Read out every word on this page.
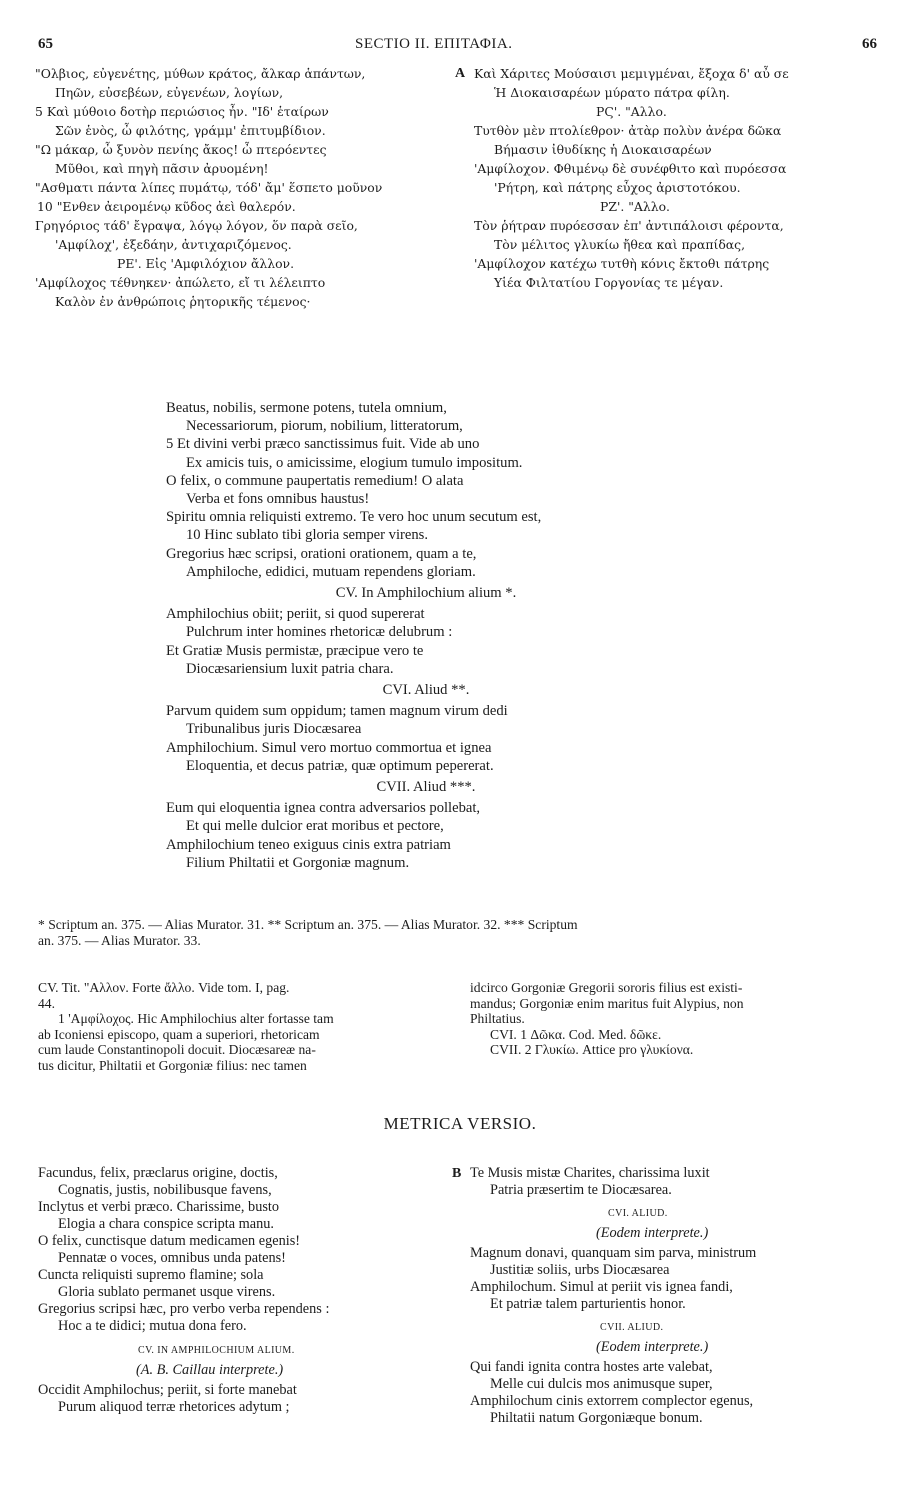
65	SECTIO II. EΠΙΤΑΦΙΑ.	66
"Ολβιος, εὐγενέτης, μύθων κράτος, ἄλκαρ ἁπάντων,
Πηῶν, εὐσεβέων, εὐγενέων, λογίων,
5 Καὶ μύθοιο δοτὴρ περιώσιος ἦν. "Ιδ' ἑταίρων
Σῶν ἑνὸς, ὦ φιλότης, γράμμ' ἐπιτυμβίδιον.
"Ω μάκαρ, ὦ ξυνὸν πενίης ἄκος! ὦ πτερόεντες
Μῦθοι, καὶ πηγὴ πᾶσιν ἀρυομένη!
"Ασθματι πάντα λίπες πυμάτῳ, τόδ' ἄμ' ἕσπετο μοῦνον
10 "Ενθεν ἀειρομένῳ κῦδος ἀεὶ θαλερόν.
Γρηγόριος τάδ' ἔγραψα, λόγῳ λόγον, ὅν παρὰ σεῖο,
'Αμφίλοχ', ἐξεδάην, ἀντιχαριζόμενος.
ΡΕ'. Εἰς 'Αμφιλόχιον ἄλλον.
'Αμφίλοχος τέθνηκεν· ἀπώλετο, εἴ τι λέλειπτο
Καλὸν ἐν ἀνθρώποις ῥητορικῆς τέμενος·
A Καὶ Χάριτες Μούσαισι μεμιγμέναι, ἔξοχα δ' αὖ σε
Ἡ Διοκαισαρέων μύρατο πάτρα φίλη.
ΡϚ'. "Αλλο.
Τυτθὸν μὲν πτολίεθρον· ἀτὰρ πολὺν ἀνέρα δῶκα
Βήμασιν ἰθυδίκης ἡ Διοκαισαρέων
'Αμφίλοχον. Φθιμένῳ δὲ συνέφθιτο καὶ πυρόεσσα
'Ρήτρη, καὶ πάτρης εὖχος ἀριστοτόκου.
ΡΖ'. "Αλλο.
Τὸν ῥήτραν πυρόεσσαν ἐπ' ἀντιπάλοισι φέροντα,
Τὸν μέλιτος γλυκίω ἤθεα καὶ πραπίδας,
'Αμφίλοχον κατέχω τυτθὴ κόνις ἔκτοθι πάτρης
Υἱέα Φιλτατίου Γοργονίας τε μέγαν.
Beatus, nobilis, sermone potens, tutela omnium,
Necessariorum, piorum, nobilium, litteratorum,
5 Et divini verbi præco sanctissimus fuit. Vide ab uno
Ex amicis tuis, o amicissime, elogium tumulo impositum.
O felix, o commune paupertatis remedium! O alata
Verba et fons omnibus haustus!
Spiritu omnia reliquisti extremo. Te vero hoc unum secutum est,
10 Hinc sublato tibi gloria semper virens.
Gregorius hæc scripsi, orationi orationem, quam a te,
Amphiloche, edidici, mutuam rependens gloriam.
CV. In Amphilochium alium *.
Amphilochius obiit; periit, si quod supererat
Pulchrum inter homines rhetoricæ delubrum :
Et Gratiæ Musis permistæ, præcipue vero te
Diocæsariensium luxit patria chara.
CVI. Aliud **.
Parvum quidem sum oppidum; tamen magnum virum dedi
Tribunalibus juris Diocæsarea
Amphilochium. Simul vero mortuo commortua et ignea
Eloquentia, et decus patriæ, quæ optimum pepererat.
CVII. Aliud ***.
Eum qui eloquentia ignea contra adversarios pollebat,
Et qui melle dulcior erat moribus et pectore,
Amphilochium teneo exiguus cinis extra patriam
Filium Philtatii et Gorgoniæ magnum.
* Scriptum an. 375. — Alias Murator. 31. ** Scriptum an. 375. — Alias Murator. 32. *** Scriptum
an. 375. — Alias Murator. 33.
CV. Tit. "Αλλον. Forte ἄλλο. Vide tom. I, pag.
44.
1 'Αμφίλοχος. Hic Amphilochius alter fortasse tam
ab Iconiensi episcopo, quam a superiori, rhetoricam
cum laude Constantinopoli docuit. Diocæsareæ na-
tus dicitur, Philtatii et Gorgoniæ filius: nec tamen
idcirco Gorgoniæ Gregorii sororis filius est existi-
mandus; Gorgoniæ enim maritus fuit Alypius, non
Philtatius.
CVI. 1 Δῶκα. Cod. Med. δῶκε.
CVII. 2 Γλυκίω. Attice pro γλυκίονα.
METRICA VERSIO.
Facundus, felix, præclarus origine, doctis,
Cognatis, justis, nobilibusque favens,
Inclytus et verbi præco. Charissime, busto
Elogia a chara conspice scripta manu.
O felix, cunctisque datum medicamen egenis!
Pennatæ o voces, omnibus unda patens!
Cuncta reliquisti supremo flamine; sola
Gloria sublato permanet usque virens.
Gregorius scripsi hæc, pro verbo verba rependens :
Hoc a te didici; mutua dona fero.
CV. IN AMPHILOCHIUM ALIUM.
(A. B. Caillau interprete.)
Occidit Amphilochus; periit, si forte manebat
Purum aliquod terræ rhetorices adytum ;
B Te Musis mistæ Charites, charissima luxit
Patria præsertim te Diocæsarea.
CVI. ALIUD.
(Eodem interprete.)
Magnum donavi, quanquam sim parva, ministrum
Justitiæ soliis, urbs Diocæsarea
Amphilochum. Simul at periit vis ignea fandi,
Et patriæ talem parturientis honor.
CVII. ALIUD.
(Eodem interprete.)
Qui fandi ignita contra hostes arte valebat,
Melle cui dulcis mos animusque super,
Amphilochum cinis extorrem complector egenus,
Philtatii natum Gorgoniæque bonum.
